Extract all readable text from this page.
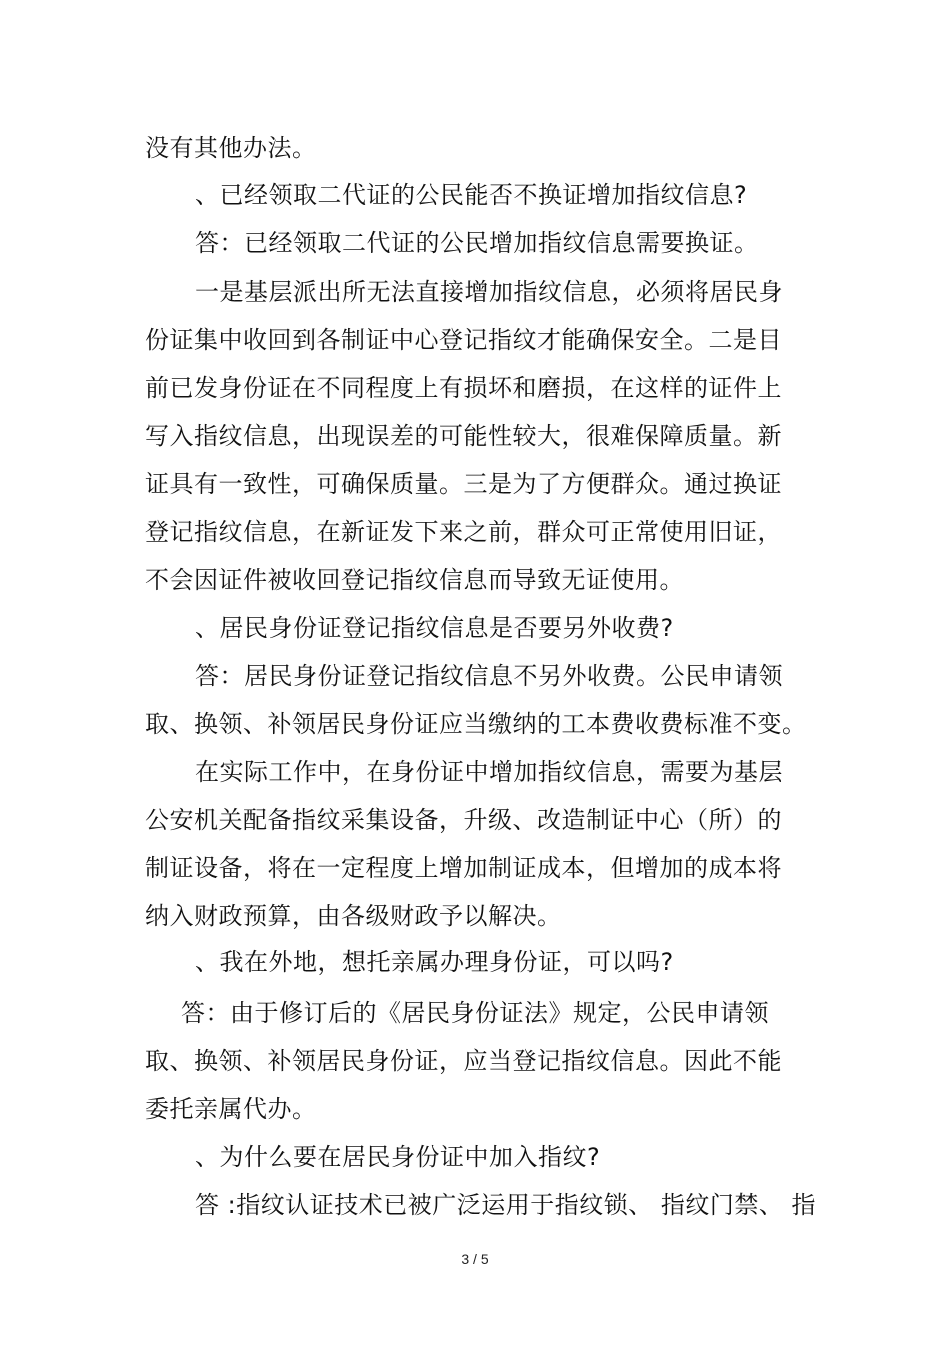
没有其他办法。
、已经领取二代证的公民能否不换证增加指纹信息?
答：已经领取二代证的公民增加指纹信息需要换证。
一是基层派出所无法直接增加指纹信息，必须将居民身
份证集中收回到各制证中心登记指纹才能确保安全。二是目
前已发身份证在不同程度上有损坏和磨损，在这样的证件上
写入指纹信息，出现误差的可能性较大，很难保障质量。新
证具有一致性，可确保质量。三是为了方便群众。通过换证
登记指纹信息，在新证发下来之前，群众可正常使用旧证，
不会因证件被收回登记指纹信息而导致无证使用。
、居民身份证登记指纹信息是否要另外收费?
答：居民身份证登记指纹信息不另外收费。公民申请领
取、换领、补领居民身份证应当缴纳的工本费收费标准不变。
在实际工作中，在身份证中增加指纹信息，需要为基层
公安机关配备指纹采集设备，升级、改造制证中心（所）的
制证设备，将在一定程度上增加制证成本，但增加的成本将
纳入财政预算，由各级财政予以解决。
、我在外地，想托亲属办理身份证，可以吗?
答：由于修订后的《居民身份证法》规定，公民申请领
取、换领、补领居民身份证，应当登记指纹信息。因此不能
委托亲属代办。
、为什么要在居民身份证中加入指纹?
答 :指纹认证技术已被广泛运用于指纹锁、 指纹门禁、 指
3 / 5
